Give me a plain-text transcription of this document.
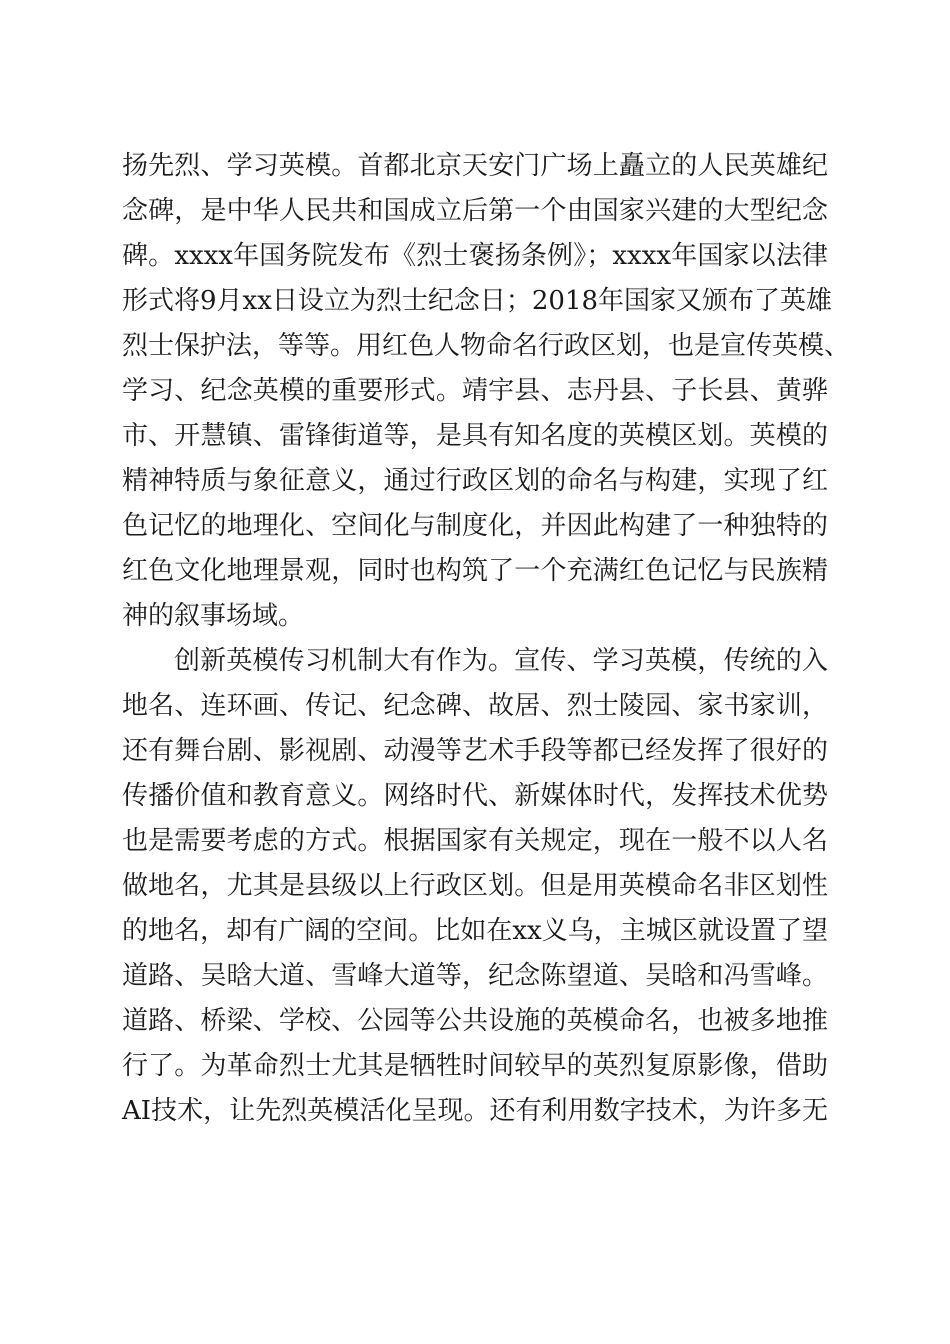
扬先烈、学习英模。首都北京天安门广场上矗立的人民英雄纪
念碑，是中华人民共和国成立后第一个由国家兴建的大型纪念
碑。xxxx年国务院发布《烈士褒扬条例》；xxxx年国家以法律
形式将9月xx日设立为烈士纪念日；2018年国家又颁布了英雄
烈士保护法，等等。用红色人物命名行政区划，也是宣传英模、
学习、纪念英模的重要形式。靖宇县、志丹县、子长县、黄骅
市、开慧镇、雷锋街道等，是具有知名度的英模区划。英模的
精神特质与象征意义，通过行政区划的命名与构建，实现了红
色记忆的地理化、空间化与制度化，并因此构建了一种独特的
红色文化地理景观，同时也构筑了一个充满红色记忆与民族精
神的叙事场域。
创新英模传习机制大有作为。宣传、学习英模，传统的入
地名、连环画、传记、纪念碑、故居、烈士陵园、家书家训，
还有舞台剧、影视剧、动漫等艺术手段等都已经发挥了很好的
传播价值和教育意义。网络时代、新媒体时代，发挥技术优势
也是需要考虑的方式。根据国家有关规定，现在一般不以人名
做地名，尤其是县级以上行政区划。但是用英模命名非区划性
的地名，却有广阔的空间。比如在xx义乌，主城区就设置了望
道路、吴晗大道、雪峰大道等，纪念陈望道、吴晗和冯雪峰。
道路、桥梁、学校、公园等公共设施的英模命名，也被多地推
行了。为革命烈士尤其是牺牲时间较早的英烈复原影像，借助
AI技术，让先烈英模活化呈现。还有利用数字技术，为许多无
